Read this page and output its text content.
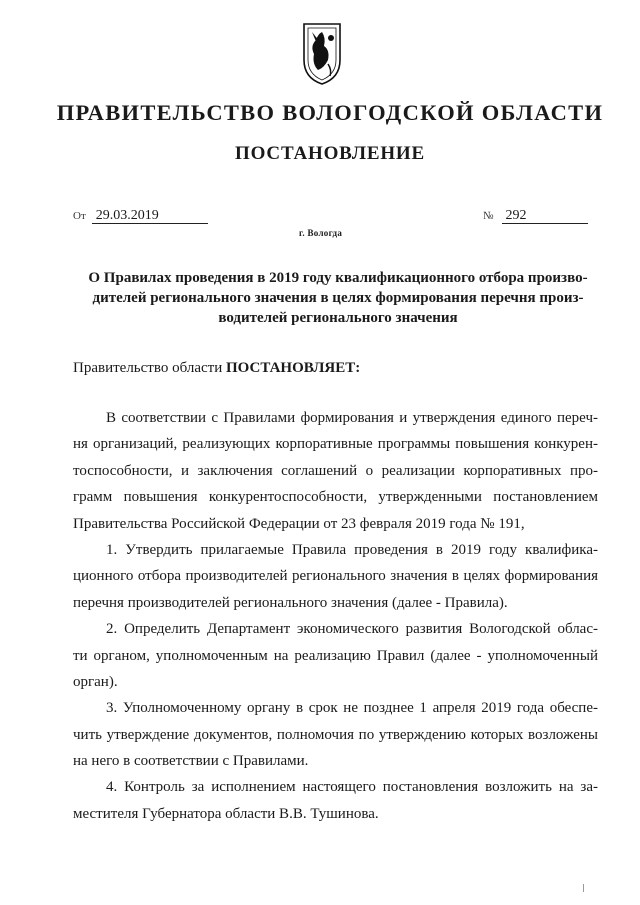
ПРАВИТЕЛЬСТВО ВОЛОГОДСКОЙ ОБЛАСТИ
ПОСТАНОВЛЕНИЕ
От 29.03.2019	№ 292
г. Вологда
О Правилах проведения в 2019 году квалификационного отбора произво-
дителей регионального значения в целях формирования перечня произ-
водителей регионального значения
Правительство области ПОСТАНОВЛЯЕТ:
В соответствии с Правилами формирования и утверждения единого переч-
ня организаций, реализующих корпоративные программы повышения конкурен-
тоспособности, и заключения соглашений о реализации корпоративных про-
грамм повышения конкурентоспособности, утвержденными постановлением
Правительства Российской Федерации от 23 февраля 2019 года № 191,
1. Утвердить прилагаемые Правила проведения в 2019 году квалифика-
ционного отбора производителей регионального значения в целях формирования
перечня производителей регионального значения (далее - Правила).
2. Определить Департамент экономического развития Вологодской облас-
ти органом, уполномоченным на реализацию Правил (далее - уполномоченный
орган).
3. Уполномоченному органу в срок не позднее 1 апреля 2019 года обеспе-
чить утверждение документов, полномочия по утверждению которых возложены
на него в соответствии с Правилами.
4. Контроль за исполнением настоящего постановления возложить на за-
местителя Губернатора области В.В. Тушинова.
